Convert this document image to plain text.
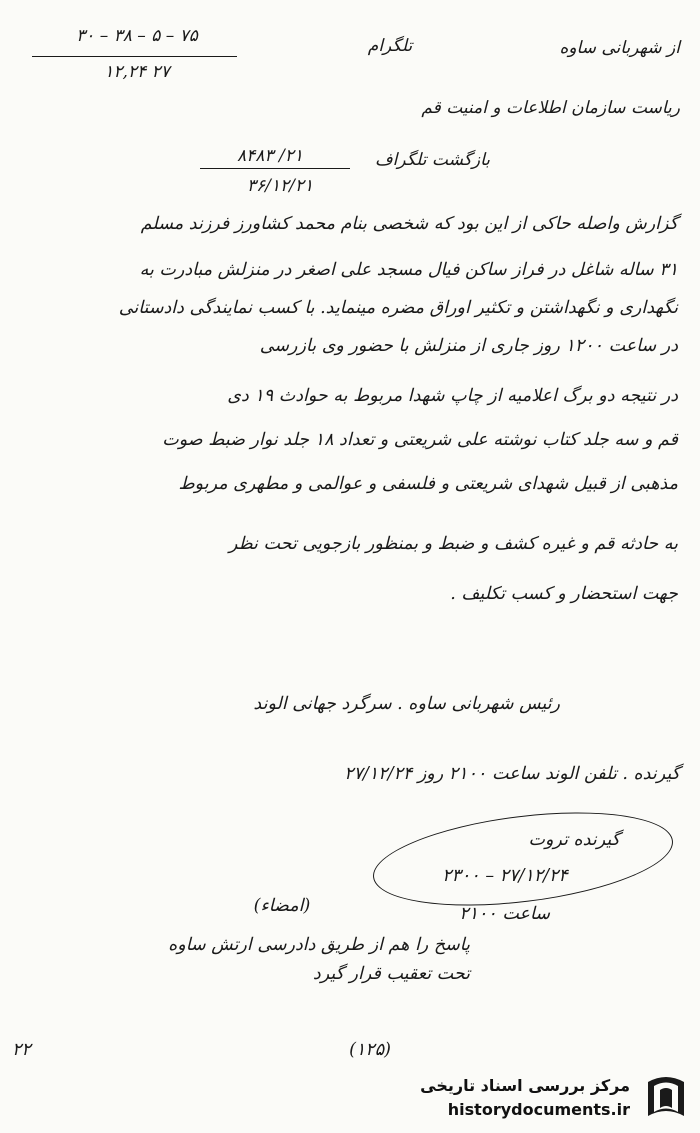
۷۵ – ۵ – ۳۸ – ۳۰
۲۷ ۱۲,۲۴
تلگرام	از شهربانی ساوه
ریاست سازمان اطلاعات و امنیت قم
بازگشت تلگراف
۲۱/ ۸۴۸۳
۳۶/۱۲/۲۱
گزارش واصله حاکی از این بود که شخصی بنام محمد کشاورز فرزند مسلم
۳۱ ساله شاغل در فراز ساکن فیال مسجد علی اصغر در منزلش مبادرت به
نگهداری و نگهداشتن و تکثیر اوراق مضره مینماید. با کسب نمایندگی دادستانی
در ساعت ۱۲۰۰ روز جاری از منزلش با حضور وی بازرسی
در نتیجه دو برگ اعلامیه از چاپ شهدا مربوط به حوادث ۱۹ دی
قم و سه جلد کتاب نوشته علی شریعتی و تعداد ۱۸ جلد نوار ضبط صوت
مذهبی از قبیل شهدای شریعتی و فلسفی و عوالمی و مطهری مربوط
به حادثه قم و غیره کشف و ضبط و بمنظور بازجویی تحت نظر
جهت استحضار و کسب تکلیف .
رئیس شهربانی ساوه . سرگرد جهانی الوند
گیرنده . تلفن الوند ساعت ۲۱۰۰ روز ۲۷/۱۲/۲۴
گیرنده تروت
۲۷/۱۲/۲۴ – ۲۳۰۰
ساعت ۲۱۰۰
(امضاء)
پاسخ را هم از طریق دادرسی ارتش ساوه
تحت تعقیب قرار گیرد
(۱۲۵)
۲۲
مرکز بررسی اسناد تاریخی
historydocuments.ir
